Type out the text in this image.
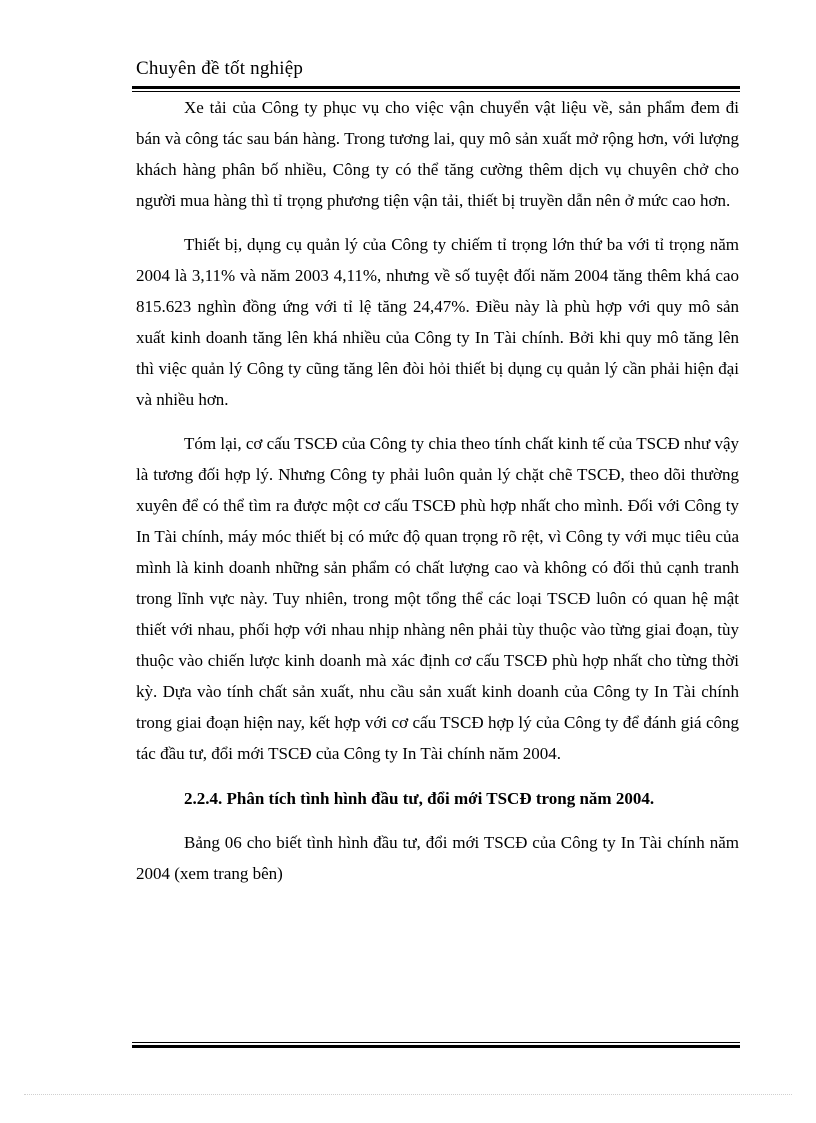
Chuyên đề tốt nghiệp

Xe tải của Công ty phục vụ cho việc vận chuyển vật liệu về, sản phẩm đem đi bán và công tác sau bán hàng. Trong tương lai, quy mô sản xuất mở rộng hơn, với lượng khách hàng phân bố nhiều, Công ty có thể tăng cường thêm dịch vụ chuyên chở cho người mua hàng thì tỉ trọng phương tiện vận tải, thiết bị truyền dẫn nên ở mức cao hơn.

Thiết bị, dụng cụ quản lý của Công ty chiếm tỉ trọng lớn thứ ba với tỉ trọng năm 2004 là 3,11% và năm 2003 4,11%, nhưng về số tuyệt đối năm 2004 tăng thêm khá cao 815.623 nghìn đồng ứng với tỉ lệ tăng 24,47%. Điều này là phù hợp với quy mô sản xuất kinh doanh tăng lên khá nhiều của Công ty In Tài chính. Bởi khi quy mô tăng lên thì việc quản lý Công ty cũng tăng lên đòi hỏi thiết bị dụng cụ quản lý cần phải hiện đại và nhiều hơn.

Tóm lại, cơ cấu TSCĐ của Công ty chia theo tính chất kinh tế của TSCĐ như vậy là tương đối hợp lý. Nhưng Công ty phải luôn quản lý chặt chẽ TSCĐ, theo dõi thường xuyên để có thể tìm ra được một cơ cấu TSCĐ phù hợp nhất cho mình. Đối với Công ty In Tài chính, máy móc thiết bị có mức độ quan trọng rõ rệt, vì Công ty với mục tiêu của mình là kinh doanh những sản phẩm có chất lượng cao và không có đối thủ cạnh tranh trong lĩnh vực này. Tuy nhiên, trong một tổng thể các loại TSCĐ luôn có quan hệ mật thiết với nhau, phối hợp với nhau nhịp nhàng nên phải tùy thuộc vào từng giai đoạn, tùy thuộc vào chiến lược kinh doanh mà xác định cơ cấu TSCĐ phù hợp nhất cho từng thời kỳ. Dựa vào tính chất sản xuất, nhu cầu sản xuất kinh doanh của Công ty In Tài chính trong giai đoạn hiện nay, kết hợp với cơ cấu TSCĐ hợp lý của Công ty để đánh giá công tác đầu tư, đổi mới TSCĐ của Công ty In Tài chính năm 2004.

2.2.4. Phân tích tình hình đầu tư, đổi mới TSCĐ trong năm 2004.

Bảng 06 cho biết tình hình đầu tư, đổi mới TSCĐ của Công ty In Tài chính năm 2004 (xem trang bên)
